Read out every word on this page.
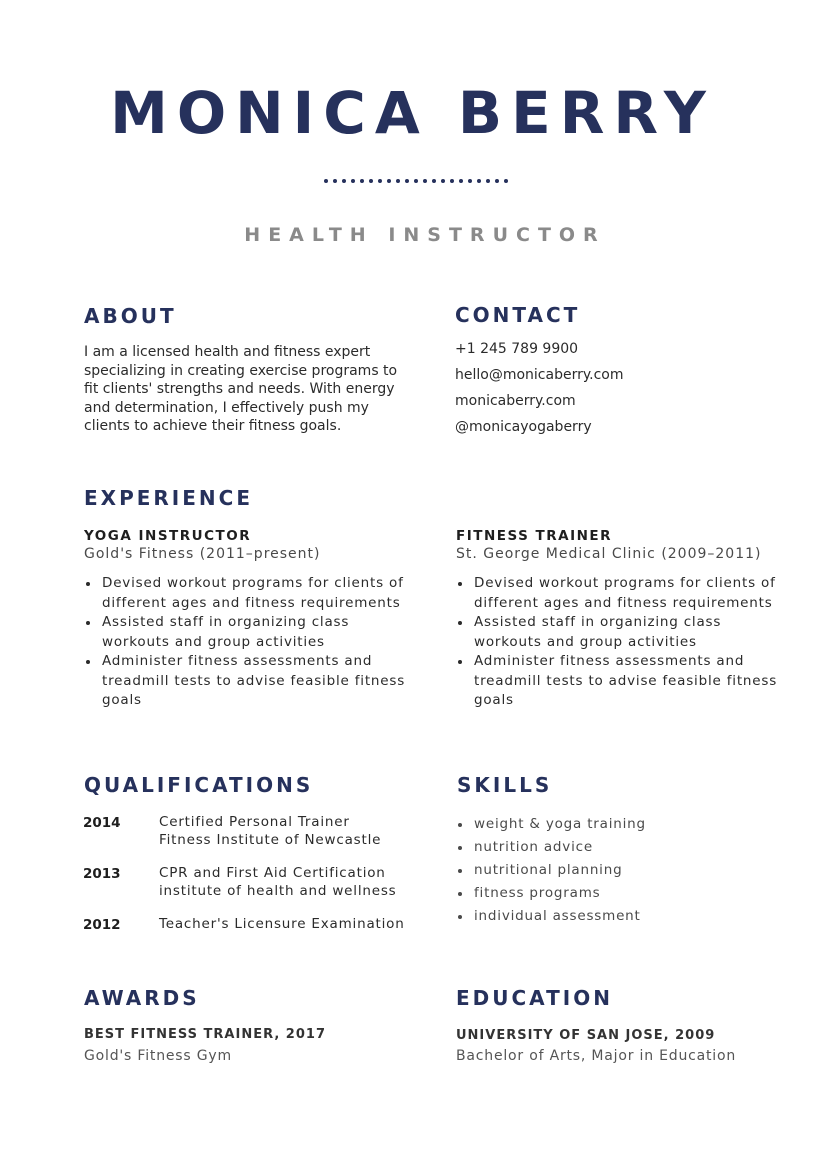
MONICA BERRY
HEALTH INSTRUCTOR
ABOUT
I am a licensed health and fitness expert specializing in creating exercise programs to fit clients' strengths and needs. With energy and determination, I effectively push my clients to achieve their fitness goals.
CONTACT
+1 245 789 9900
hello@monicaberry.com
monicaberry.com
@monicayogaberry
EXPERIENCE
YOGA INSTRUCTOR
Gold's Fitness (2011–present)
Devised workout programs for clients of different ages and fitness requirements
Assisted staff in organizing class workouts and group activities
Administer fitness assessments and treadmill tests to advise feasible fitness goals
FITNESS TRAINER
St. George Medical Clinic (2009–2011)
Devised workout programs for clients of different ages and fitness requirements
Assisted staff in organizing class workouts and group activities
Administer fitness assessments and treadmill tests to advise feasible fitness goals
QUALIFICATIONS
2014	Certified Personal Trainer
Fitness Institute of Newcastle
2013	CPR and First Aid Certification
institute of health and wellness
2012	Teacher's Licensure Examination
SKILLS
weight & yoga training
nutrition advice
nutritional planning
fitness programs
individual assessment
AWARDS
BEST FITNESS TRAINER, 2017
Gold's Fitness Gym
EDUCATION
UNIVERSITY OF SAN JOSE, 2009
Bachelor of Arts, Major in Education
